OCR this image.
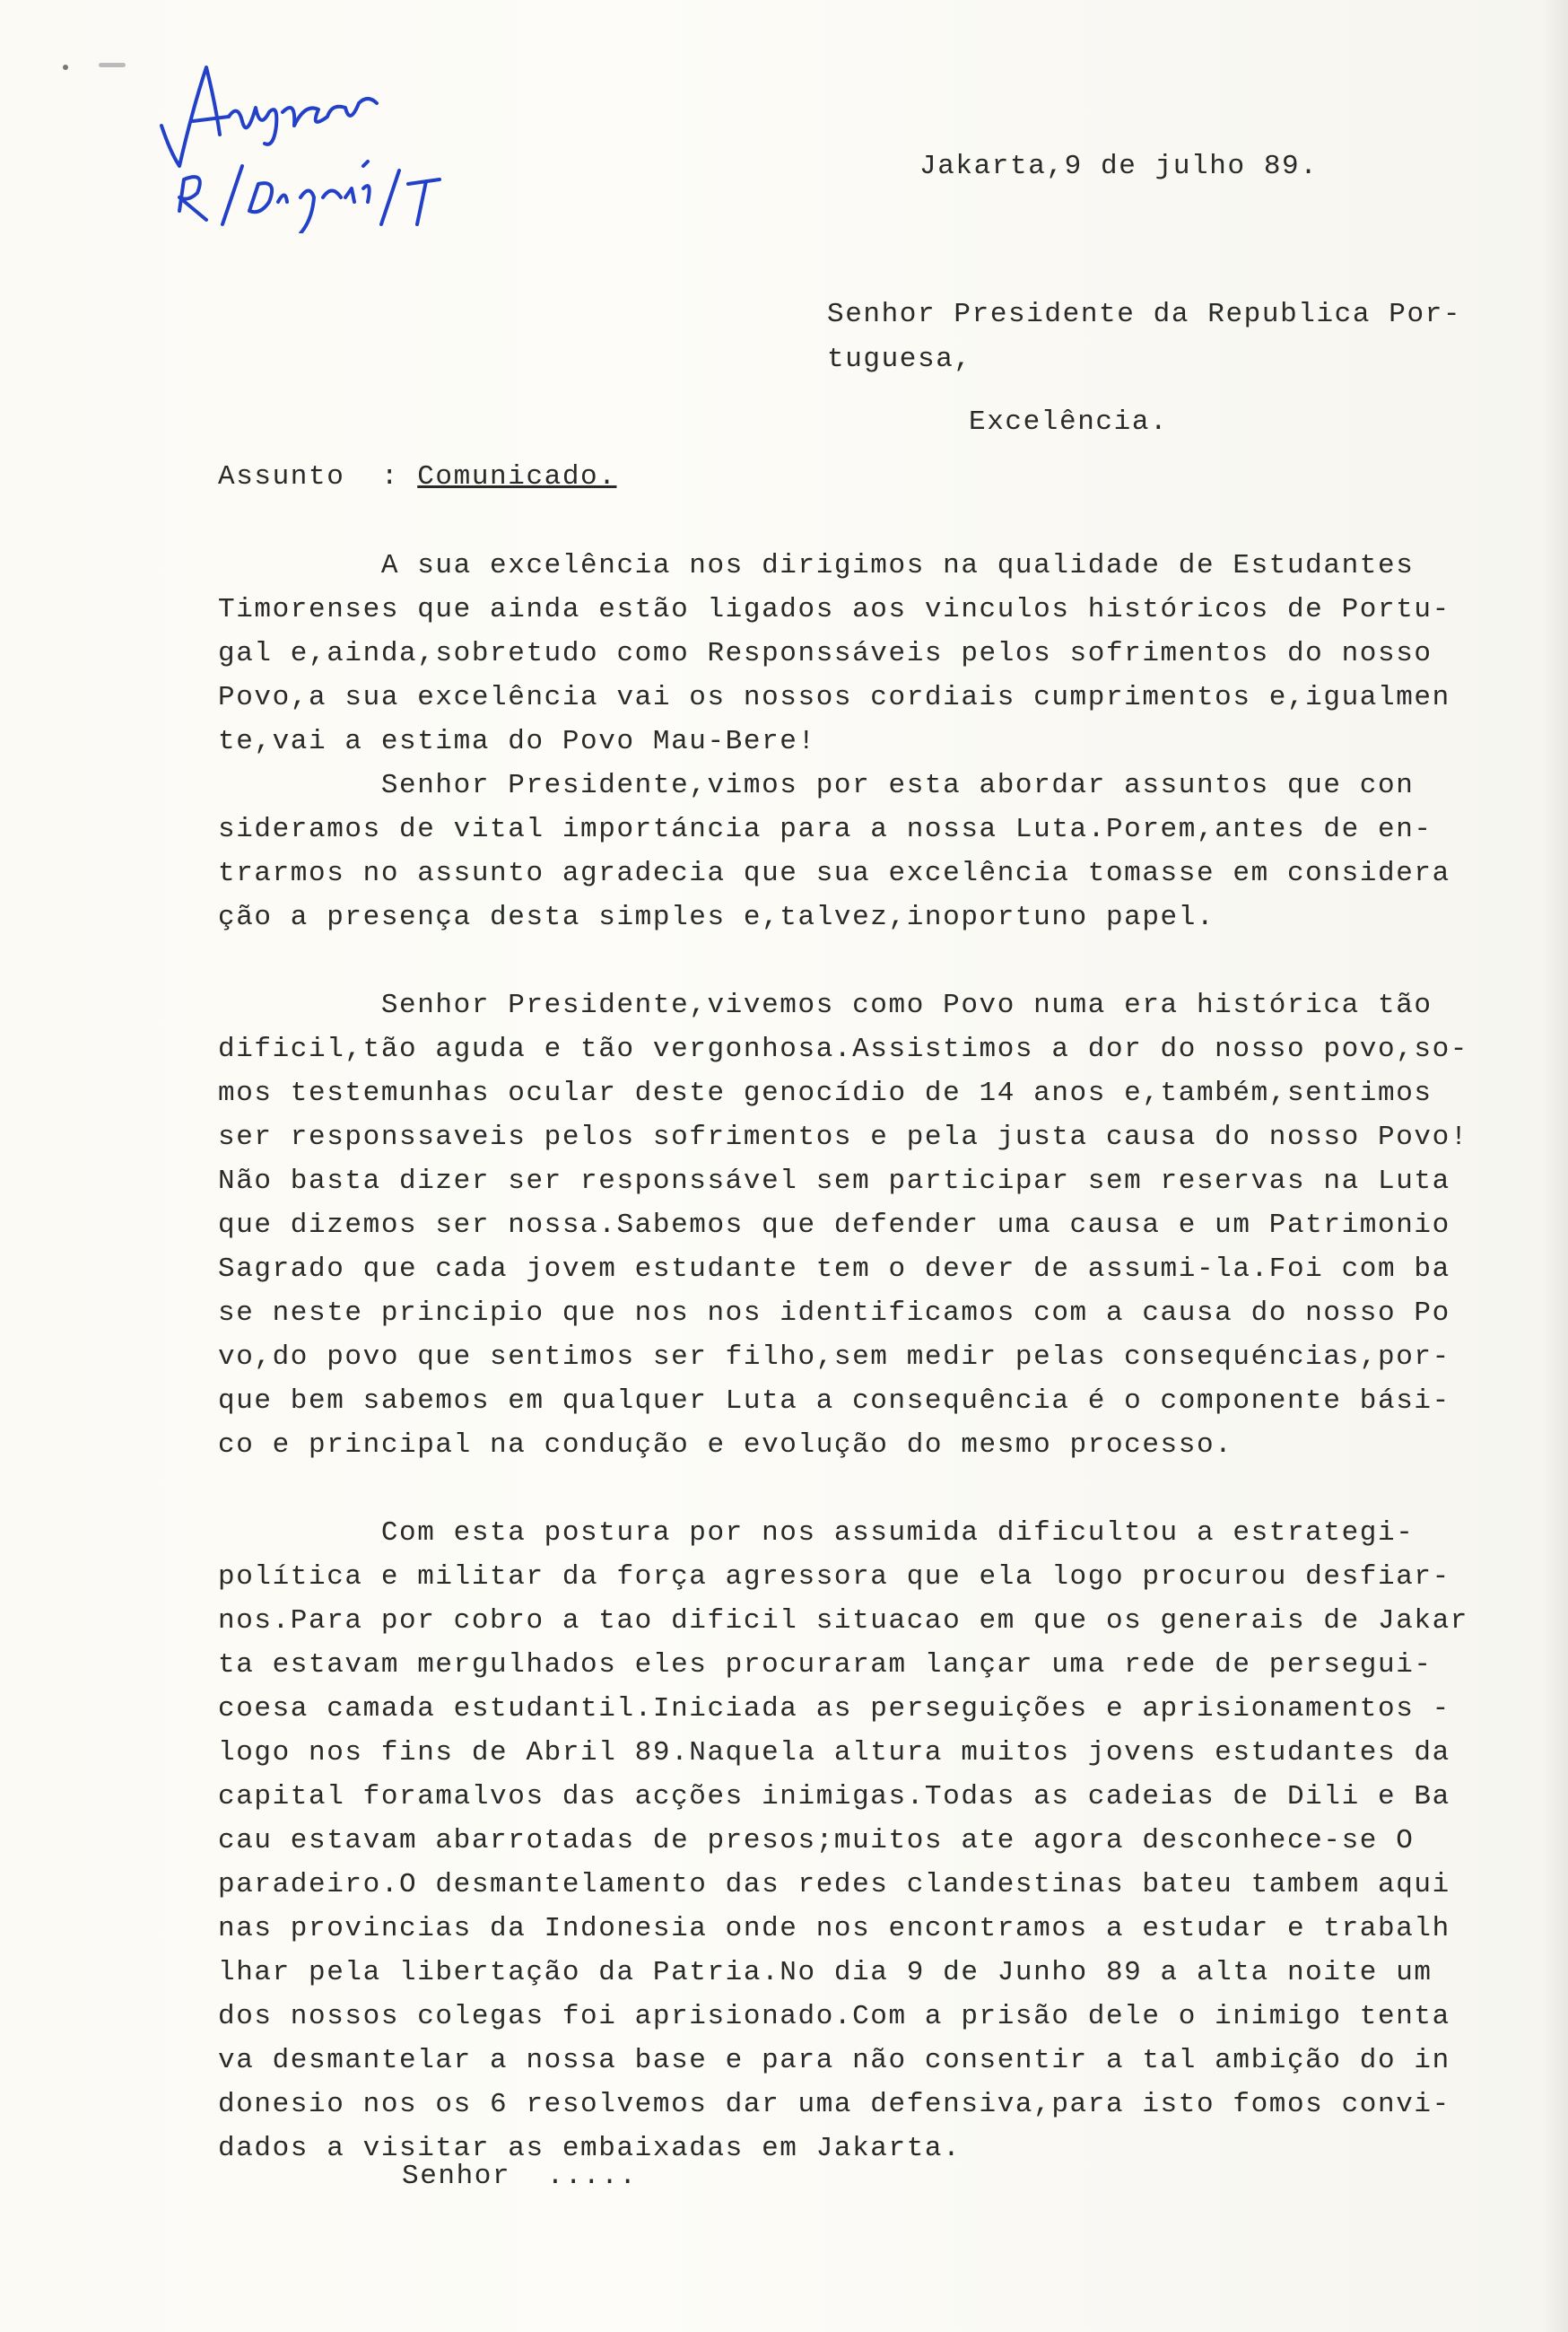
Jakarta,9 de julho 89.
Senhor Presidente da Republica Por-
tuguesa,
Excelência.
Assunto  : Comunicado.
A sua excelência nos dirigimos na qualidade de Estudantes
Timorenses que ainda estão ligados aos vinculos históricos de Portu-
gal e,ainda,sobretudo como Responssáveis pelos sofrimentos do nosso
Povo,a sua excelência vai os nossos cordiais cumprimentos e,igualmen
te,vai a estima do Povo Mau-Bere!
Senhor Presidente,vimos por esta abordar assuntos que con
sideramos de vital importáncia para a nossa Luta.Porem,antes de en-
trarmos no assunto agradecia que sua excelência tomasse em considera
ção a presença desta simples e,talvez,inoportuno papel.
Senhor Presidente,vivemos como Povo numa era histórica tão
dificil,tão aguda e tão vergonhosa.Assistimos a dor do nosso povo,so-
mos testemunhas ocular deste genocídio de 14 anos e,também,sentimos
ser responssaveis pelos sofrimentos e pela justa causa do nosso Povo!
Não basta dizer ser responssável sem participar sem reservas na Luta
que dizemos ser nossa.Sabemos que defender uma causa e um Patrimonio
Sagrado que cada jovem estudante tem o dever de assumi-la.Foi com ba
se neste principio que nos nos identificamos com a causa do nosso Po
vo,do povo que sentimos ser filho,sem medir pelas consequéncias,por-
que bem sabemos em qualquer Luta a consequência é o componente bási-
co e principal na condução e evolução do mesmo processo.
Com esta postura por nos assumida dificultou a estrategi-
política e militar da força agressora que ela logo procurou desfiar-
nos.Para por cobro a tao dificil situacao em que os generais de Jakar
ta estavam mergulhados eles procuraram lançar uma rede de persegui-
coesa camada estudantil.Iniciada as perseguições e aprisionamentos -
logo nos fins de Abril 89.Naquela altura muitos jovens estudantes da
capital foramalvos das acções inimigas.Todas as cadeias de Dili e Ba
cau estavam abarrotadas de presos;muitos ate agora desconhece-se O
paradeiro.O desmantelamento das redes clandestinas bateu tambem aqui
nas provincias da Indonesia onde nos encontramos a estudar e trabalh
lhar pela libertação da Patria.No dia 9 de Junho 89 a alta noite um
dos nossos colegas foi aprisionado.Com a prisão dele o inimigo tenta
va desmantelar a nossa base e para não consentir a tal ambição do in
donesio nos os 6 resolvemos dar uma defensiva,para isto fomos convi-
dados a visitar as embaixadas em Jakarta.
Senhor  .....
